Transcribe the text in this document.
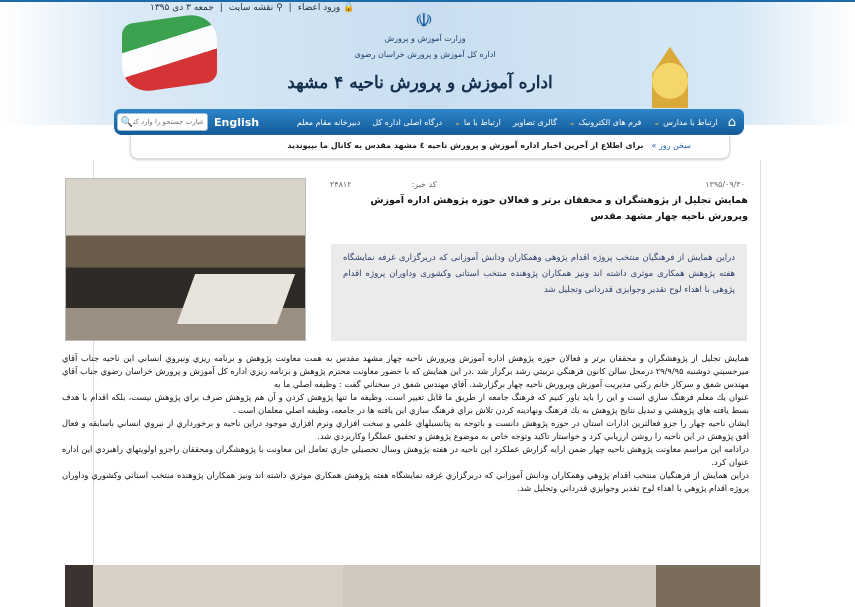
🔒 ورود اعضاء
|
⚲ نقشه سایت
|
جمعه ۳ دی ۱۳۹۵	☫
وزارت آموزش و پرورش
اداره کل آموزش و پرورش خراسان رضوی
اداره آموزش و پرورش ناحیه ۴ مشهد
⌂
ارتباط با مدارس⌄
فرم های الکترونیک⌄
گالری تصاویر
ارتباط با ما⌄
درگاه اصلی اداره کل
دبیرخانه مقام معلم
English
عبارت جستجو را وارد کنید
🔍
سخن روز »
برای اطلاع از آخرین اخبار اداره آموزش و پرورش ناحیه ٤ مشهد مقدس به کانال ما بپیوندید
۱۳۹۵/۰۹/۳۰
کد خبر:
۲۴۸۱۲
همایش تجلیل از پژوهشگران و محققان برتر و فعالان حوزه پژوهش اداره آموزش وپرورش ناحیه چهار مشهد مقدس
دراین همایش از فرهنگیان منتخب پروژه اقدام پژوهی وهمکاران ودانش آموزانی که دربرگزاری غرفه نمایشگاه هفته پژوهش همکاری موثری داشته اند ونیز همکاران پژوهنده منتخب استانی وکشوری وداوران پروژه اقدام پژوهی با اهداء لوح تقدیر وجوایزی قدردانی وتجلیل شد

همايش تجليل از پژوهشگران و محققان برتر و فعالان حوزه پژوهش اداره آموزش وپرورش ناحيه چهار مشهد مقدس به همت معاونت پژوهش و برنامه ريزي ونيروي انساني اين ناحيه جناب آقاي ميرحسيني دوشنبه ۲۹/۹/۹۵ درمحل سالن كانون فرهنگي تربيتي رشد برگزار شد .در اين همايش كه با حضور معاونت محترم پژوهش و برنامه ريزي اداره كل آموزش و پرورش خراسان رضوي جناب آقاي مهندس شفق و سركار خانم ركني مديريت آموزش وپرورش ناحيه چهار برگزارشد. آقاي مهندس شفق در سخناني گفت : وظيفه اصلي ما به

عنوان يك معلم فرهنگ سازي است و اين را بايد باور كنيم كه فرهنگ جامعه از طريق ما قابل تغيير است. وظيفه ما تنها پژوهش كردن و آن هم پژوهش صرف براي پژوهش نيست، بلكه اقدام با هدف بسط يافته هاي پژوهشي و تبديل نتايج پژوهش به يك فرهنگ ونهادينه كردن تلاش براي فرهنگ سازي اين يافته ها در جامعه، وظيفه اصلي معلمان است .

ايشان ناحيه چهار را جزو فعالترين ادارات استان در حوزه پژوهش دانست و باتوجه به پتانسيلهاي علمي و سخت افزاري ونرم افزاري موجود دراين ناحيه و برخورداري از نيروي انساني باسابقه و فعال افق پژوهش در اين ناحيه را روشن ارزيابي كرد و خواستار تاكيد وتوجه خاص به موضوع پژوهش و تحقيق عملگرا وكاربردي شد.

درادامه اين مراسم معاونت پژوهش ناحيه چهار ضمن ارايه گزارش عملكرد اين ناحيه در هفته پژوهش وسال تحصيلي جاري تعامل اين معاونت با پژوهشگران ومحققان راجزو اولويتهاي راهبردي اين اداره عنوان كرد.

دراين همايش از فرهنگيان منتخب اقدام پژوهي وهمكاران ودانش آموزاني كه دربرگزاري غرفه نمايشگاه هفته پژوهش همكاري موثري داشته اند ونيز همكاران پژوهنده منتخب استاني وكشوري وداوران پروژه اقدام پژوهي با اهداء لوح تقدير وجوايزي قدرداني وتجليل شد.
